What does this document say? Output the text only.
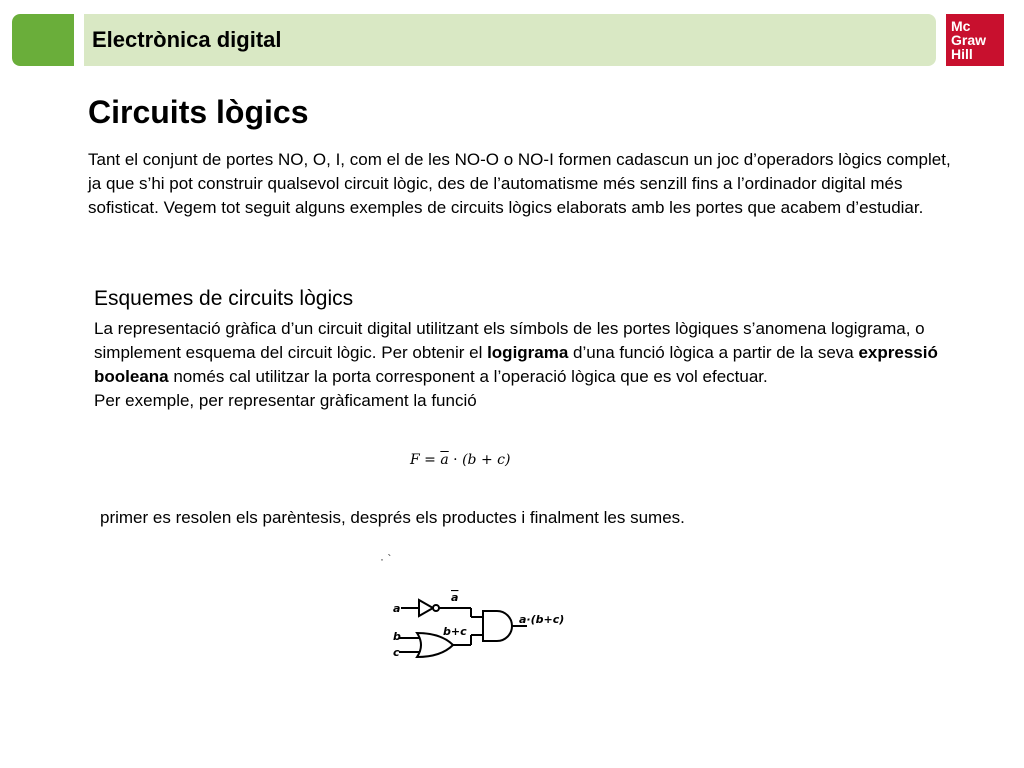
Electrònica digital
Mc
Graw
Hill
Circuits lògics

Tant el conjunt de portes NO, O, I, com el de les NO-O o NO-I formen cadascun un joc d’operadors lògics complet, ja que s’hi pot construir qualsevol circuit lògic, des de l’automatisme més senzill fins a l’ordinador digital més sofisticat. Vegem tot seguit alguns exemples de circuits lògics elaborats amb les portes que acabem d’estudiar.

Esquemes de circuits lògics

La representació gràfica d’un circuit digital utilitzant els símbols de les portes lògiques s’anomena logigrama, o simplement esquema del circuit lògic. Per obtenir el logigrama d’una funció lògica a partir de la seva expressió booleana només cal utilitzar la porta corresponent a l’operació lògica que es vol efectuar.
Per exemple, per representar gràficament la funció

$F = \overline{a} \cdot (b + c)$
primer es resolen els parèntesis, després els productes i finalment les sumes.
· `
a
a
b
c
b+c
a·(b+c)
